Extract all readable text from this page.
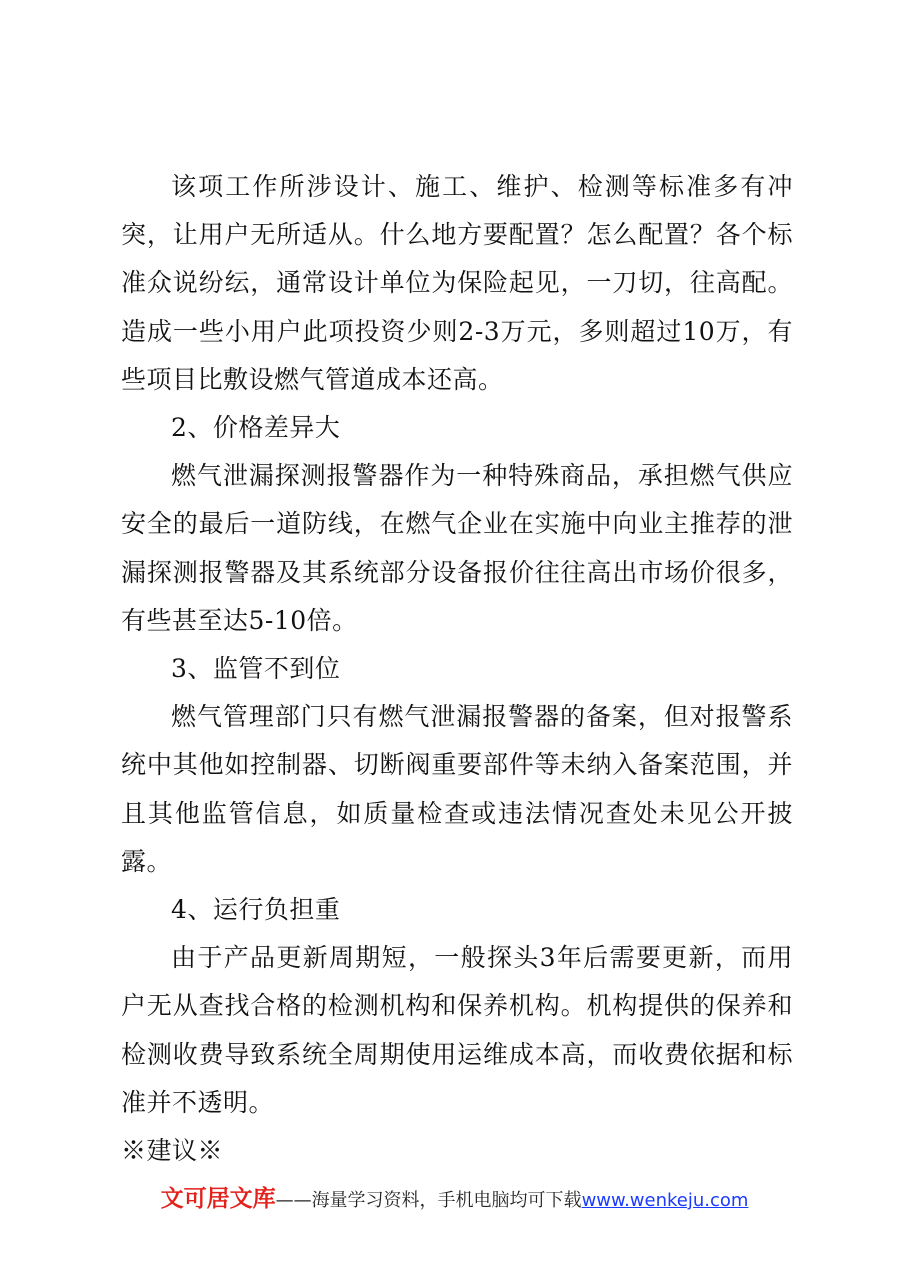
该项工作所涉设计、施工、维护、检测等标准多有冲突，让用户无所适从。什么地方要配置？怎么配置？各个标准众说纷纭，通常设计单位为保险起见，一刀切，往高配。造成一些小用户此项投资少则2-3万元，多则超过10万，有些项目比敷设燃气管道成本还高。

2、价格差异大

燃气泄漏探测报警器作为一种特殊商品，承担燃气供应安全的最后一道防线，在燃气企业在实施中向业主推荐的泄漏探测报警器及其系统部分设备报价往往高出市场价很多，有些甚至达5-10倍。

3、监管不到位

燃气管理部门只有燃气泄漏报警器的备案，但对报警系统中其他如控制器、切断阀重要部件等未纳入备案范围，并且其他监管信息，如质量检查或违法情况查处未见公开披露。

4、运行负担重

由于产品更新周期短，一般探头3年后需要更新，而用户无从查找合格的检测机构和保养机构。机构提供的保养和检测收费导致系统全周期使用运维成本高，而收费依据和标准并不透明。

※建议※

文可居文库——海量学习资料，手机电脑均可下载www.wenkeju.com
